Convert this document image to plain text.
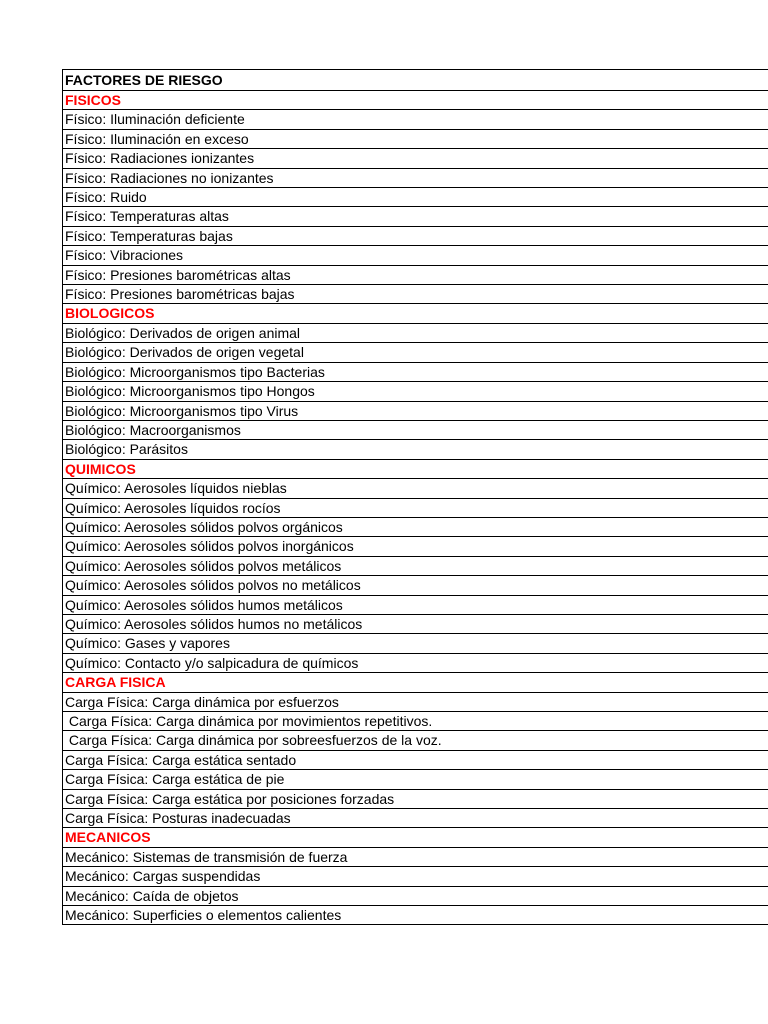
FACTORES DE RIESGO
FISICOS
Físico: Iluminación deficiente
Físico: Iluminación en exceso
Físico: Radiaciones ionizantes
Físico: Radiaciones no ionizantes
Físico: Ruido
Físico: Temperaturas altas
Físico: Temperaturas bajas
Físico: Vibraciones
Físico: Presiones barométricas altas
Físico: Presiones barométricas bajas
BIOLOGICOS
Biológico: Derivados de origen animal
Biológico: Derivados de origen vegetal
Biológico: Microorganismos tipo Bacterias
Biológico: Microorganismos tipo Hongos
Biológico: Microorganismos tipo Virus
Biológico: Macroorganismos
Biológico: Parásitos
QUIMICOS
Químico: Aerosoles líquidos nieblas
Químico: Aerosoles líquidos rocíos
Químico: Aerosoles sólidos polvos orgánicos
Químico: Aerosoles sólidos polvos inorgánicos
Químico: Aerosoles sólidos polvos metálicos
Químico: Aerosoles sólidos polvos no metálicos
Químico: Aerosoles sólidos humos metálicos
Químico: Aerosoles sólidos humos no metálicos
Químico: Gases y vapores
Químico: Contacto y/o salpicadura de químicos
CARGA FISICA
Carga Física: Carga dinámica por esfuerzos
Carga Física: Carga dinámica por movimientos repetitivos.
Carga Física: Carga dinámica por sobreesfuerzos de la voz.
Carga Física: Carga estática sentado
Carga Física: Carga estática de pie
Carga Física: Carga estática por posiciones forzadas
Carga Física: Posturas inadecuadas
MECANICOS
Mecánico: Sistemas de transmisión de fuerza
Mecánico: Cargas suspendidas
Mecánico: Caída de objetos
Mecánico: Superficies o elementos calientes
